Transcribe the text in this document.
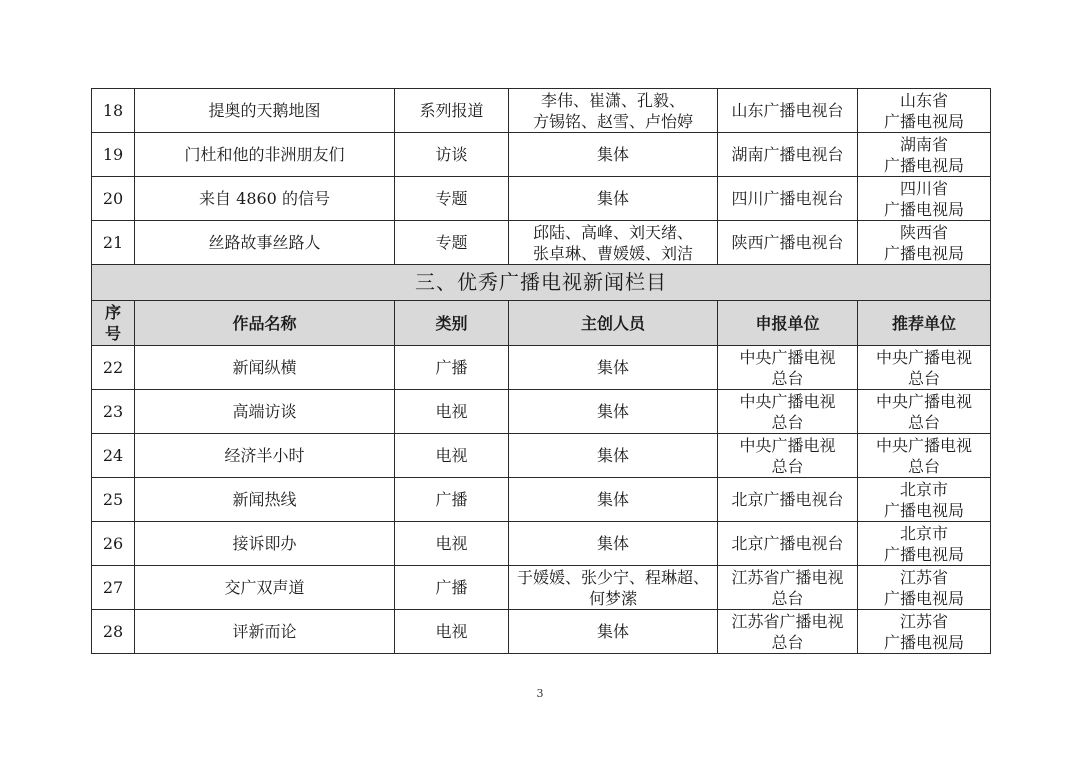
18	提奥的天鹅地图	系列报道	李伟、崔潇、孔毅、
方锡铭、赵雪、卢怡婷	山东广播电视台	山东省
广播电视局

19	门杜和他的非洲朋友们	访谈	集体	湖南广播电视台	湖南省
广播电视局

20	来自 4860 的信号	专题	集体	四川广播电视台	四川省
广播电视局

21	丝路故事丝路人	专题	邱陆、高峰、刘天绪、
张卓琳、曹媛媛、刘洁	陕西广播电视台	陕西省
广播电视局

三、优秀广播电视新闻栏目					

序
号	作品名称	类别	主创人员	申报单位	推荐单位

22	新闻纵横	广播	集体	中央广播电视
总台	中央广播电视
总台

23	高端访谈	电视	集体	中央广播电视
总台	中央广播电视
总台

24	经济半小时	电视	集体	中央广播电视
总台	中央广播电视
总台

25	新闻热线	广播	集体	北京广播电视台	北京市
广播电视局

26	接诉即办	电视	集体	北京广播电视台	北京市
广播电视局

27	交广双声道	广播	于媛媛、张少宁、程琳超、
何梦潆	江苏省广播电视
总台	江苏省
广播电视局

28	评新而论	电视	集体	江苏省广播电视
总台	江苏省
广播电视局
3
